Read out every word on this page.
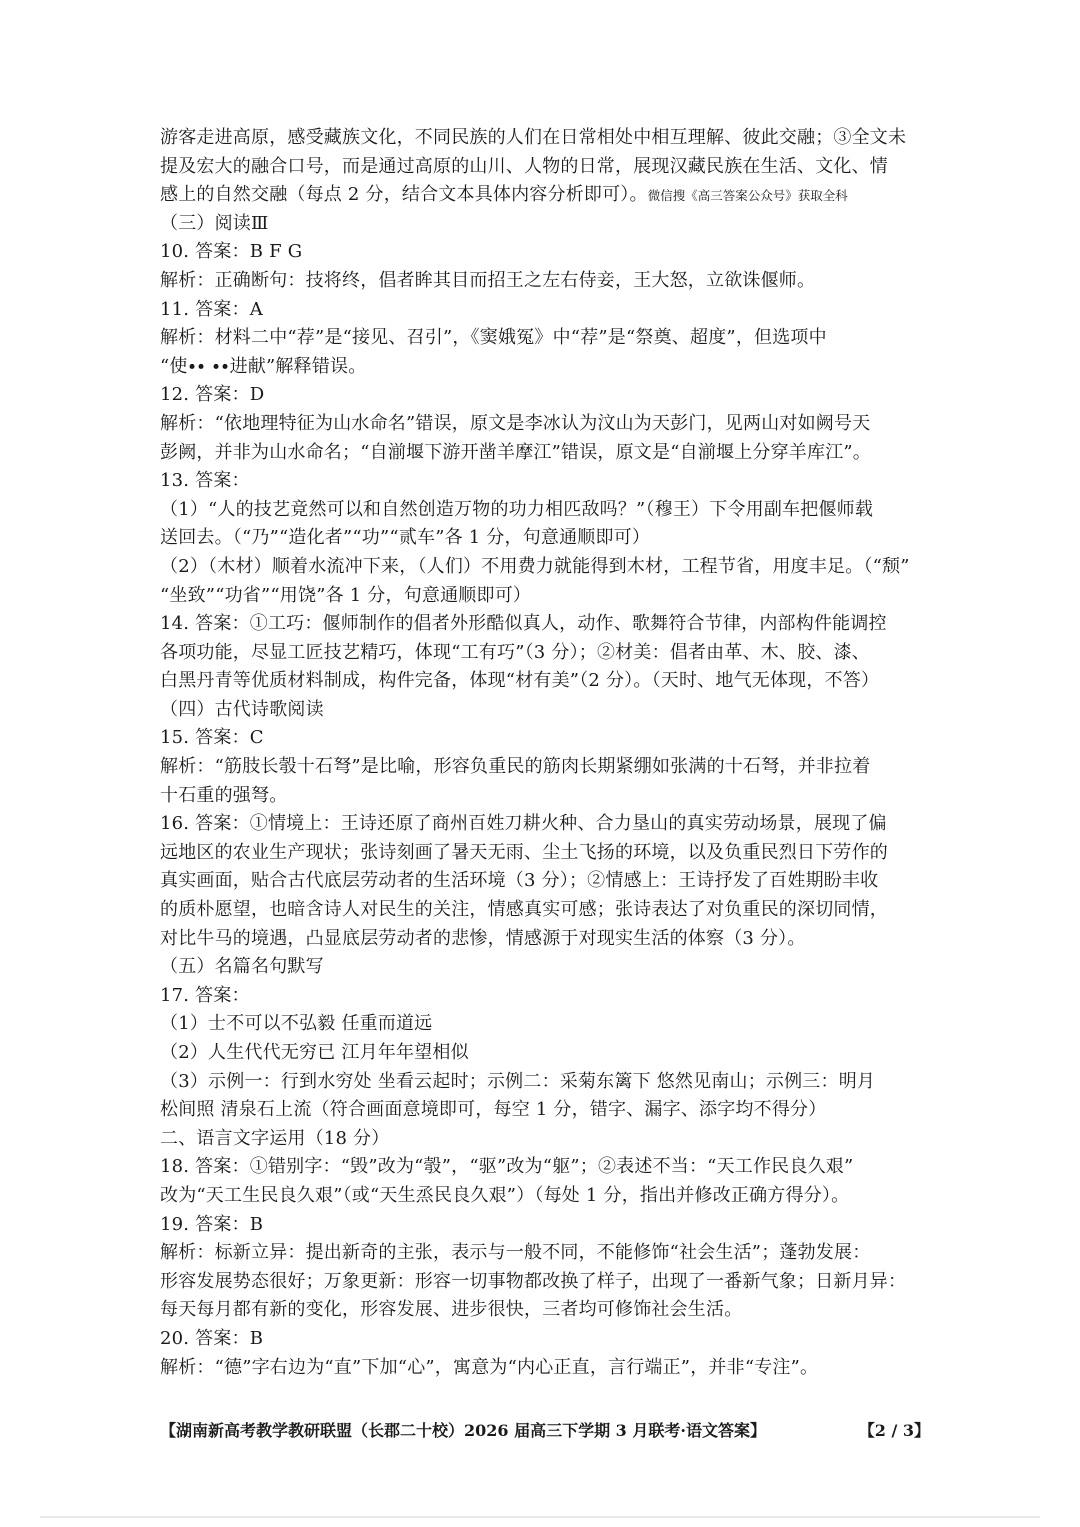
游客走进高原，感受藏族文化，不同民族的人们在日常相处中相互理解、彼此交融；③全文未
提及宏大的融合口号，而是通过高原的山川、人物的日常，展现汉藏民族在生活、文化、情
感上的自然交融（每点 2 分，结合文本具体内容分析即可）。微信搜《高三答案公众号》获取全科
（三）阅读Ⅲ
10. 答案：B F G
解析：正确断句：技将终，倡者眸其目而招王之左右侍妾，王大怒，立欲诛偃师。
11. 答案：A
解析：材料二中“荐”是“接见、召引”，《窦娥冤》中“荐”是“祭奠、超度”，但选项中
“使∙∙ ∙∙进献”解释错误。
12. 答案：D
解析：“依地理特征为山水命名”错误，原文是李冰认为汶山为天彭门，见两山对如阙号天
彭阙，并非为山水命名；“自湔堰下游开凿羊摩江”错误，原文是“自湔堰上分穿羊库江”。
13. 答案：
（1）“人的技艺竟然可以和自然创造万物的功力相匹敌吗？”（穆王）下令用副车把偃师载
送回去。（“乃”“造化者”“功”“贰车”各 1 分，句意通顺即可）
（2）（木材）顺着水流冲下来，（人们）不用费力就能得到木材，工程节省，用度丰足。（“颓”
“坐致”“功省”“用饶”各 1 分，句意通顺即可）
14. 答案：①工巧：偃师制作的倡者外形酷似真人，动作、歌舞符合节律，内部构件能调控
各项功能，尽显工匠技艺精巧，体现“工有巧”（3 分）；②材美：倡者由革、木、胶、漆、
白黑丹青等优质材料制成，构件完备，体现“材有美”（2 分）。（天时、地气无体现，不答）
（四）古代诗歌阅读
15. 答案：C
解析：“筋肢长彀十石弩”是比喻，形容负重民的筋肉长期紧绷如张满的十石弩，并非拉着
十石重的强弩。
16. 答案：①情境上：王诗还原了商州百姓刀耕火种、合力垦山的真实劳动场景，展现了偏
远地区的农业生产现状；张诗刻画了暑天无雨、尘土飞扬的环境，以及负重民烈日下劳作的
真实画面，贴合古代底层劳动者的生活环境（3 分）；②情感上：王诗抒发了百姓期盼丰收
的质朴愿望，也暗含诗人对民生的关注，情感真实可感；张诗表达了对负重民的深切同情，
对比牛马的境遇，凸显底层劳动者的悲惨，情感源于对现实生活的体察（3 分）。
（五）名篇名句默写
17. 答案：
（1）士不可以不弘毅 任重而道远
（2）人生代代无穷已 江月年年望相似
（3）示例一：行到水穷处 坐看云起时；示例二：采菊东篱下 悠然见南山；示例三：明月
松间照 清泉石上流（符合画面意境即可，每空 1 分，错字、漏字、添字均不得分）
二、语言文字运用（18 分）
18. 答案：①错别字：“毁”改为“彀”，“驱”改为“躯”；②表述不当：“天工作民良久艰”
改为“天工生民良久艰”（或“天生烝民良久艰”）（每处 1 分，指出并修改正确方得分）。
19. 答案：B
解析：标新立异：提出新奇的主张，表示与一般不同，不能修饰“社会生活”；蓬勃发展：
形容发展势态很好；万象更新：形容一切事物都改换了样子，出现了一番新气象；日新月异：
每天每月都有新的变化，形容发展、进步很快，三者均可修饰社会生活。
20. 答案：B
解析：“德”字右边为“直”下加“心”，寓意为“内心正直，言行端正”，并非“专注”。
【湖南新高考教学教研联盟（长郡二十校）2026 届高三下学期 3 月联考·语文答案】	【2 / 3】
